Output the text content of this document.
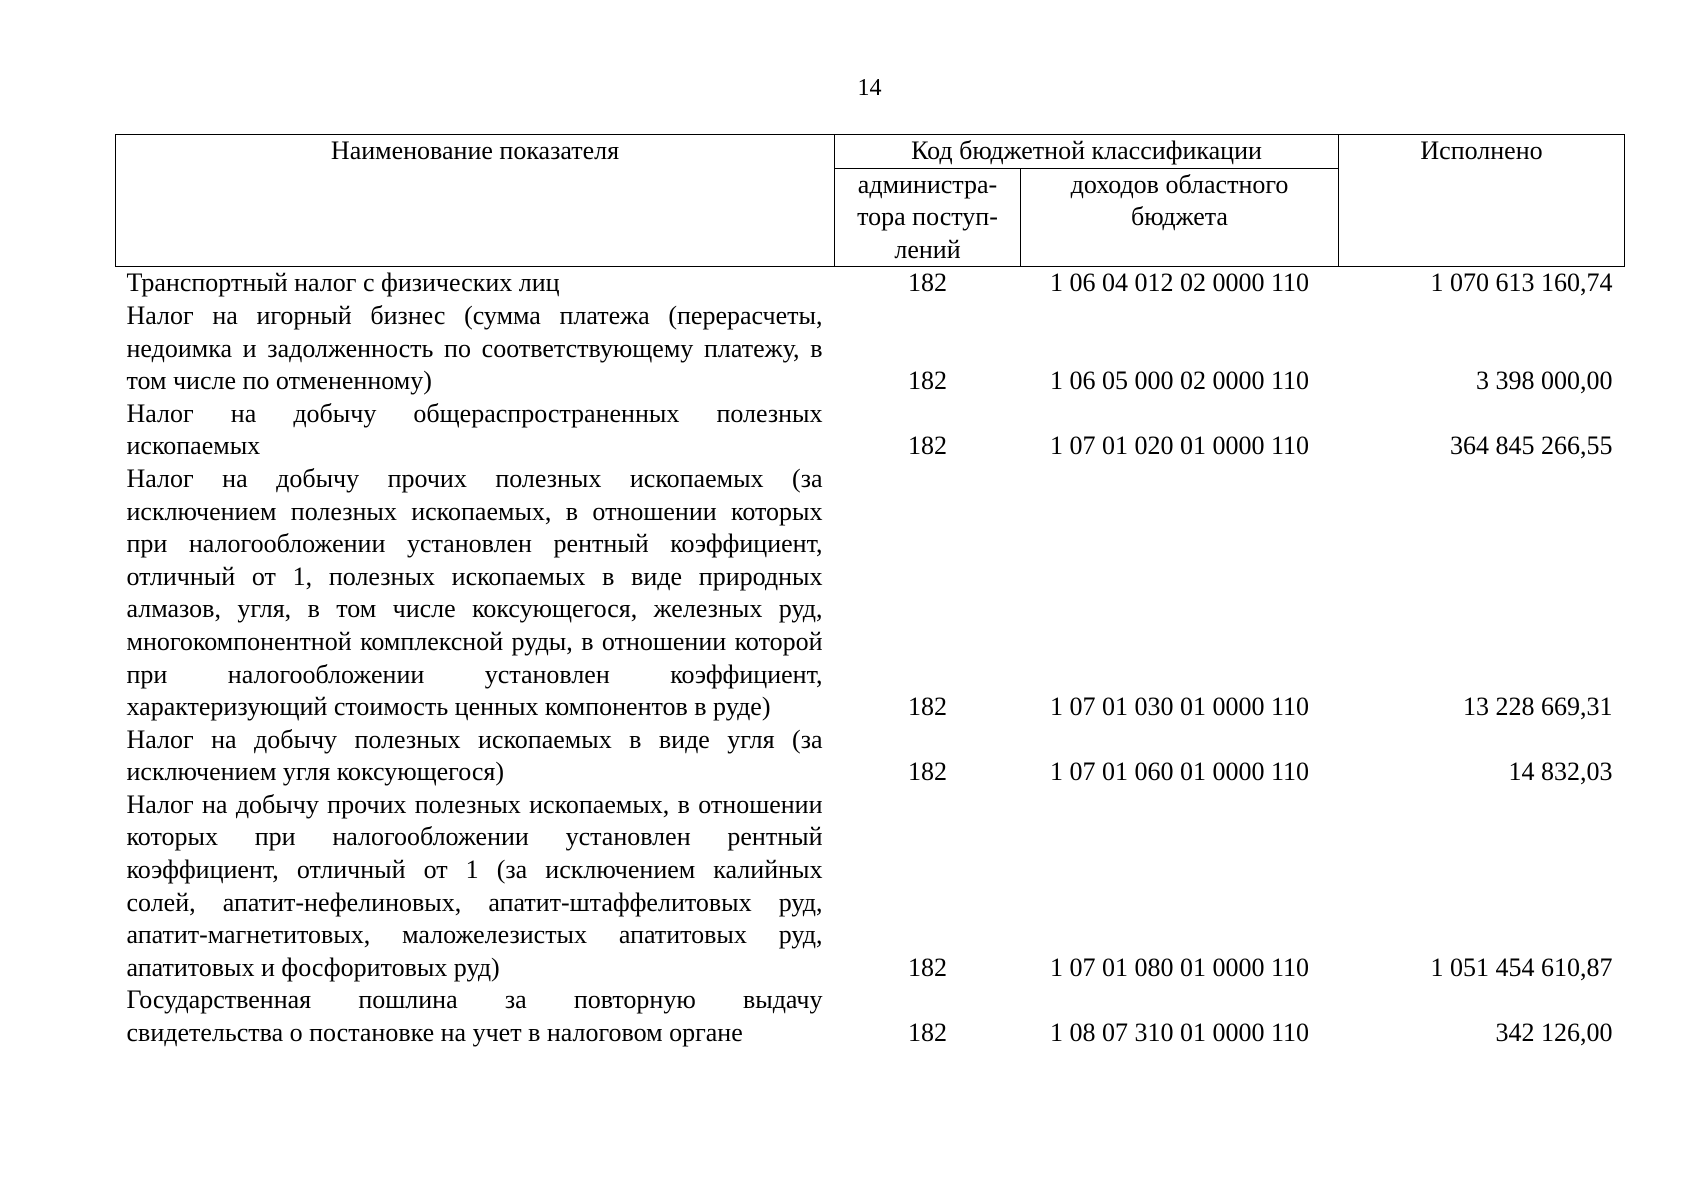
14
Наименование показателя	Код бюджетной классификации		Исполнено
	администра-тора поступ-лений	доходов областного бюджета	
Транспортный налог с физических лиц	182	1 06 04 012 02 0000 110	1 070 613 160,74
Налог на игорный бизнес (сумма платежа (перерасчеты, недоимка и задолженность по соответствующему платежу, в том числе по отмененному)	182	1 06 05 000 02 0000 110	3 398 000,00
Налог на добычу общераспространенных полезных ископаемых	182	1 07 01 020 01 0000 110	364 845 266,55
Налог на добычу прочих полезных ископаемых (за исключением полезных ископаемых, в отношении которых при налогообложении установлен рентный коэффициент, отличный от 1, полезных ископаемых в виде природных алмазов, угля, в том числе коксующегося, железных руд, многокомпонентной комплексной руды, в отношении которой при налогообложении установлен коэффициент, характеризующий стоимость ценных компонентов в руде)	182	1 07 01 030 01 0000 110	13 228 669,31
Налог на добычу полезных ископаемых в виде угля (за исключением угля коксующегося)	182	1 07 01 060 01 0000 110	14 832,03
Налог на добычу прочих полезных ископаемых, в отношении которых при налогообложении установлен рентный коэффициент, отличный от 1 (за исключением калийных солей, апатит-нефелиновых, апатит-штаффелитовых руд, апатит-магнетитовых, маложелезистых апатитовых руд, апатитовых и фосфоритовых руд)	182	1 07 01 080 01 0000 110	1 051 454 610,87
Государственная пошлина за повторную выдачу свидетельства о постановке на учет в налоговом органе	182	1 08 07 310 01 0000 110	342 126,00
